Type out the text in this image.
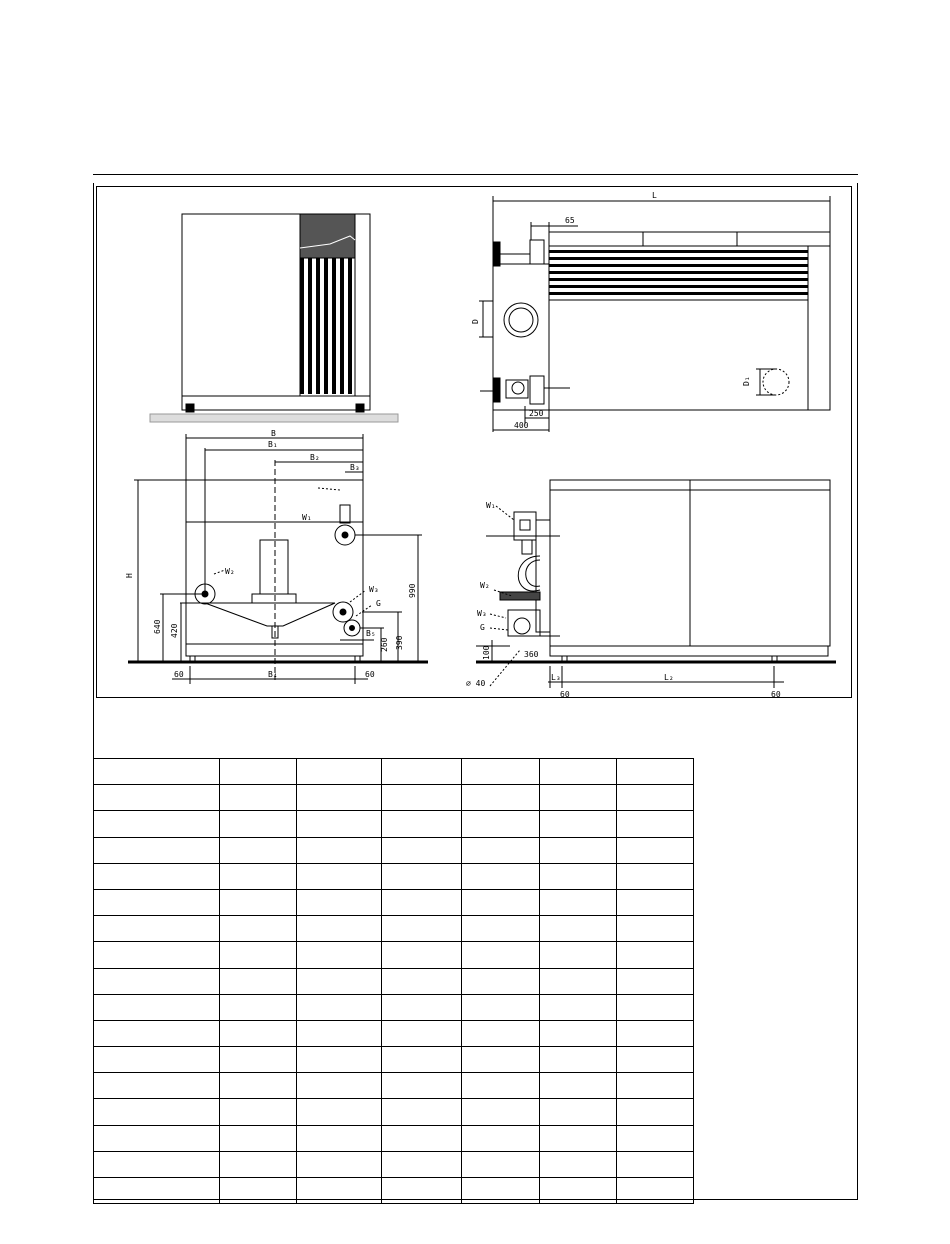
L
65
D
D₁
250
400
B
B₁
B₂
B₃
H
640 420
990
390
260
B₅
W₁
W₂
W₃
G
B₄
60	60
W₁
W₂
W₃
G
100	360
∅ 40
L₃	L₂
60	60
